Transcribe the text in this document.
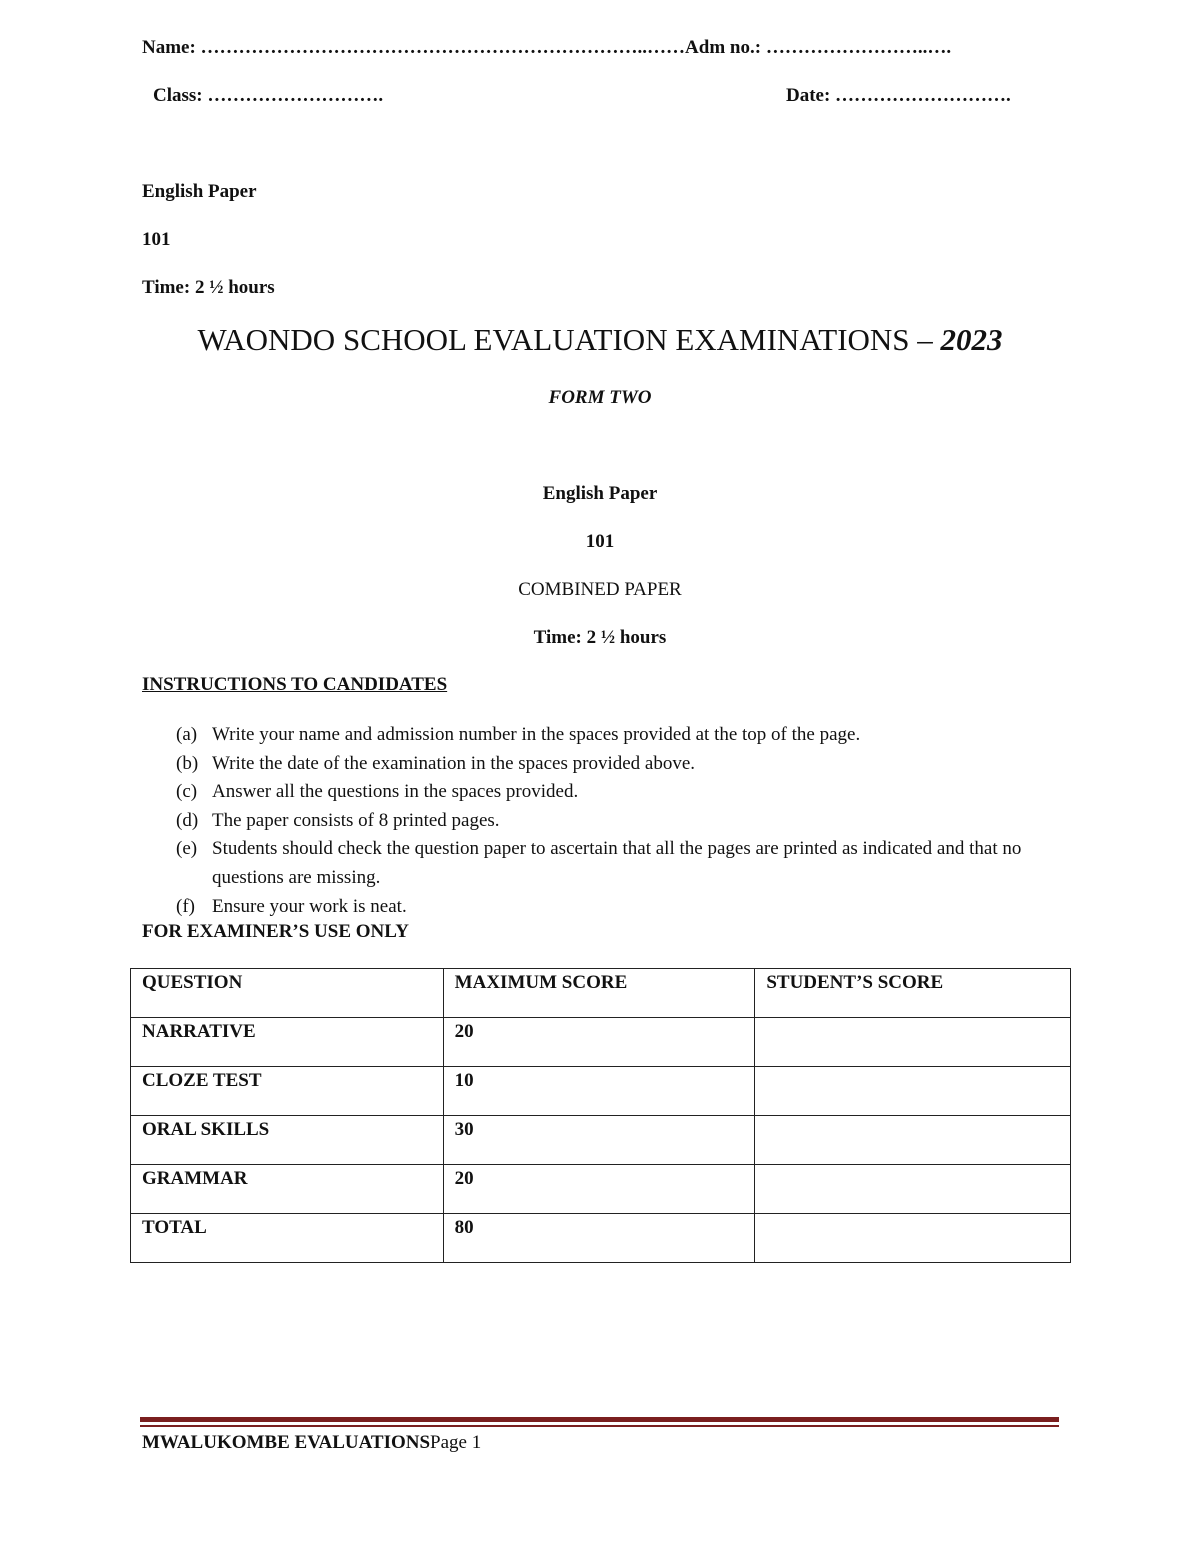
Name: ……………………………………………………………..……Adm no.: ……………………..….
Class: ……………………….	Date: ……………………….
English Paper
101
Time: 2 ½ hours
WAONDO SCHOOL EVALUATION EXAMINATIONS – 2023
FORM TWO
English Paper
101
COMBINED PAPER
Time: 2 ½ hours
INSTRUCTIONS TO CANDIDATES
(a) Write your name and admission number in the spaces provided at the top of the page.
(b) Write the date of the examination in the spaces provided above.
(c) Answer all the questions in the spaces provided.
(d) The paper consists of 8 printed pages.
(e) Students should check the question paper to ascertain that all the pages are printed as indicated and that no questions are missing.
(f) Ensure your work is neat.
FOR EXAMINER’S USE ONLY
QUESTION	MAXIMUM SCORE	STUDENT’S SCORE
NARRATIVE	20	
CLOZE TEST	10	
ORAL SKILLS	30	
GRAMMAR	20	
TOTAL	80	
MWALUKOMBE EVALUATIONSPage 1
